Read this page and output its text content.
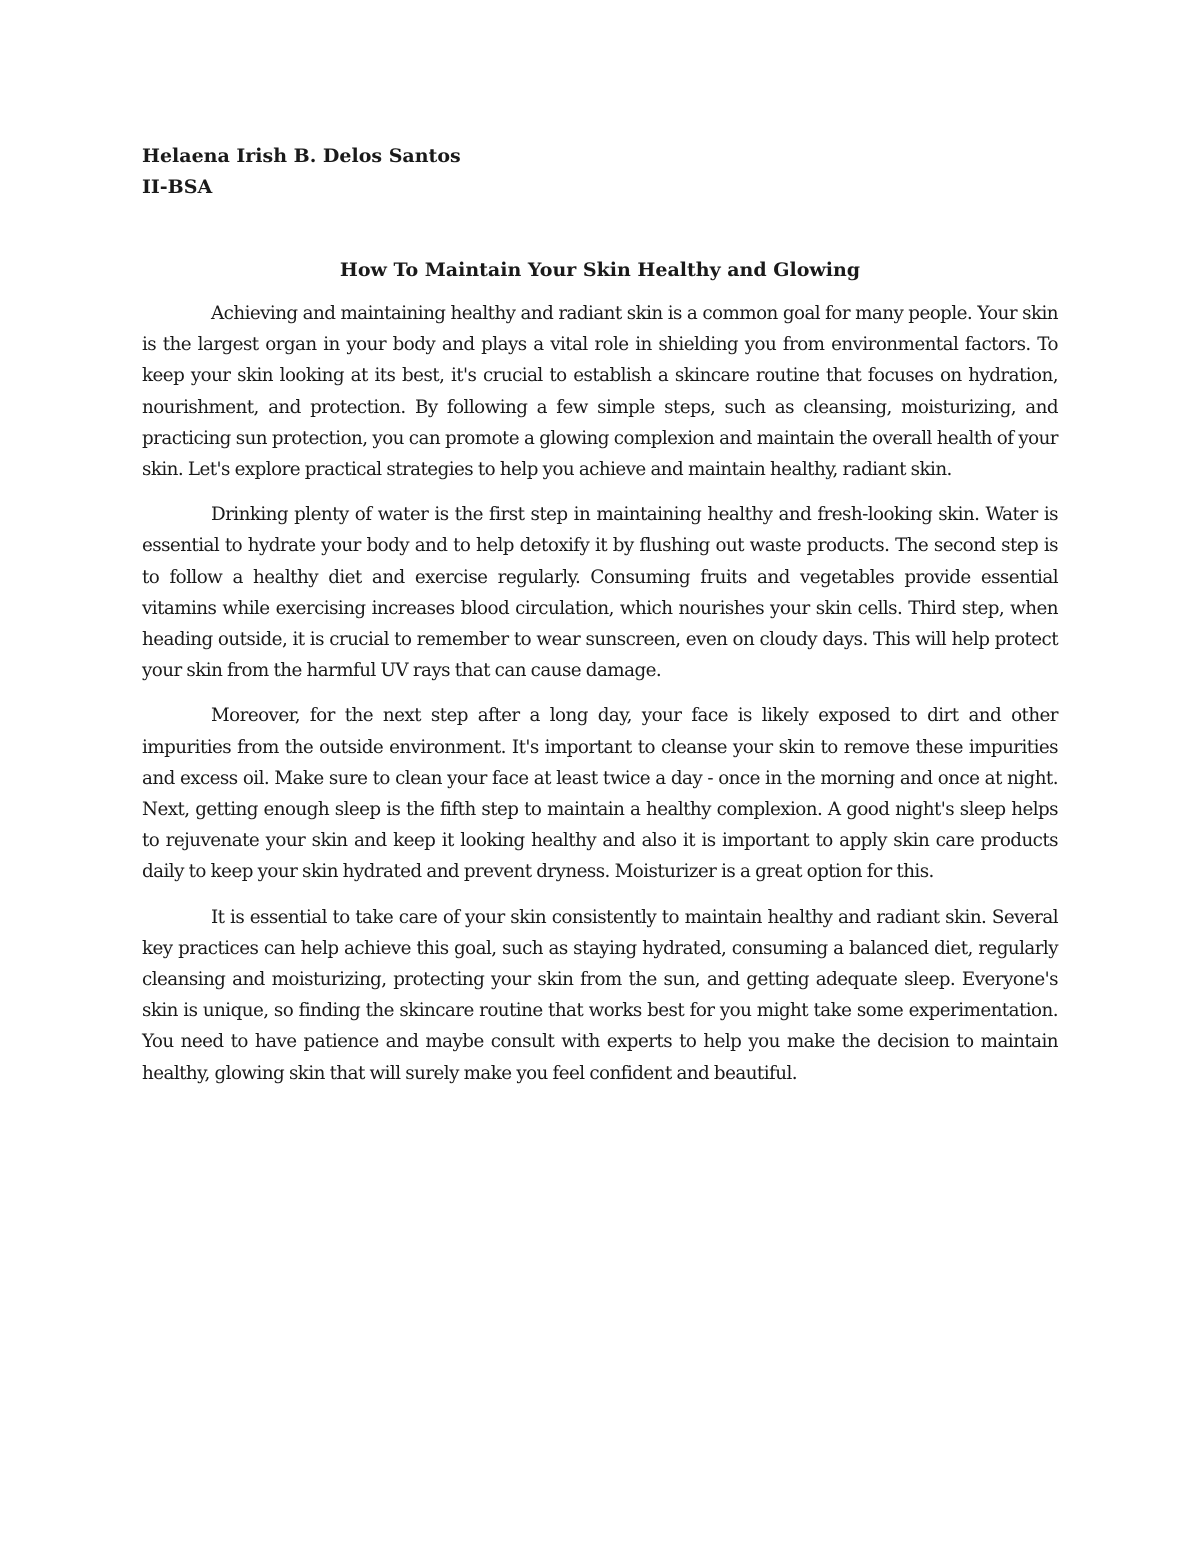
Helaena Irish B. Delos Santos
II-BSA
How To Maintain Your Skin Healthy and Glowing

Achieving and maintaining healthy and radiant skin is a common goal for many people. Your skin is the largest organ in your body and plays a vital role in shielding you from environmental factors. To keep your skin looking at its best, it's crucial to establish a skincare routine that focuses on hydration, nourishment, and protection. By following a few simple steps, such as cleansing, moisturizing, and practicing sun protection, you can promote a glowing complexion and maintain the overall health of your skin. Let's explore practical strategies to help you achieve and maintain healthy, radiant skin.

Drinking plenty of water is the first step in maintaining healthy and fresh-looking skin. Water is essential to hydrate your body and to help detoxify it by flushing out waste products. The second step is to follow a healthy diet and exercise regularly. Consuming fruits and vegetables provide essential vitamins while exercising increases blood circulation, which nourishes your skin cells. Third step, when heading outside, it is crucial to remember to wear sunscreen, even on cloudy days. This will help protect your skin from the harmful UV rays that can cause damage.

Moreover, for the next step after a long day, your face is likely exposed to dirt and other impurities from the outside environment. It's important to cleanse your skin to remove these impurities and excess oil. Make sure to clean your face at least twice a day - once in the morning and once at night. Next, getting enough sleep is the fifth step to maintain a healthy complexion. A good night's sleep helps to rejuvenate your skin and keep it looking healthy and also it is important to apply skin care products daily to keep your skin hydrated and prevent dryness. Moisturizer is a great option for this.

It is essential to take care of your skin consistently to maintain healthy and radiant skin. Several key practices can help achieve this goal, such as staying hydrated, consuming a balanced diet, regularly cleansing and moisturizing, protecting your skin from the sun, and getting adequate sleep. Everyone's skin is unique, so finding the skincare routine that works best for you might take some experimentation. You need to have patience and maybe consult with experts to help you make the decision to maintain healthy, glowing skin that will surely make you feel confident and beautiful.
